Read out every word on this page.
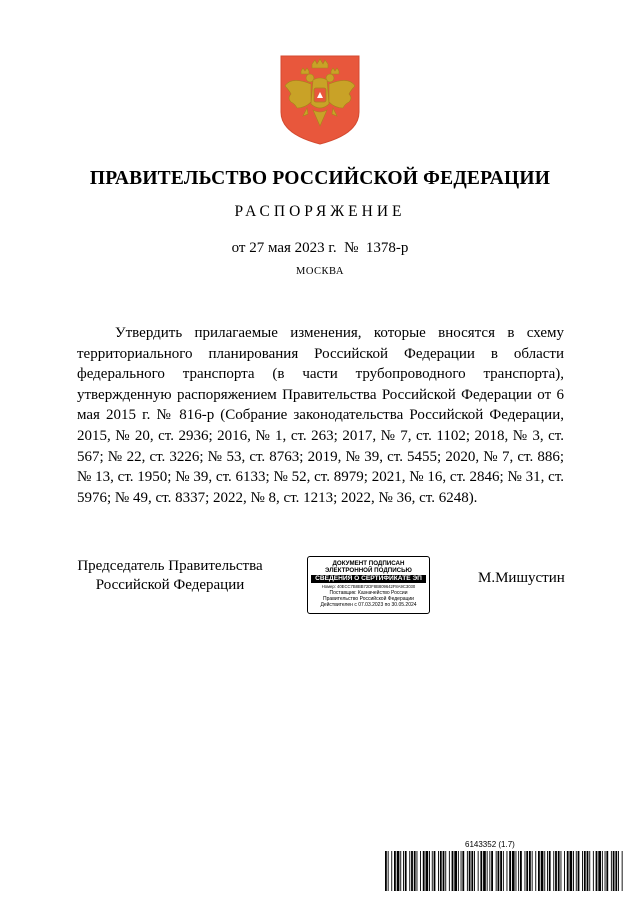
ПРАВИТЕЛЬСТВО РОССИЙСКОЙ ФЕДЕРАЦИИ
РАСПОРЯЖЕНИЕ
от 27 мая 2023 г. № 1378-р
МОСКВА
Утвердить прилагаемые изменения, которые вносятся в схему территориального планирования Российской Федерации в области федерального транспорта (в части трубопроводного транспорта), утвержденную распоряжением Правительства Российской Федерации от 6 мая 2015 г. № 816-р (Собрание законодательства Российской Федерации, 2015, № 20, ст. 2936; 2016, № 1, ст. 263; 2017, № 7, ст. 1102; 2018, № 3, ст. 567; № 22, ст. 3226; № 53, ст. 8763; 2019, № 39, ст. 5455; 2020, № 7, ст. 886; № 13, ст. 1950; № 39, ст. 6133; № 52, ст. 8979; 2021, № 16, ст. 2846; № 31, ст. 5976; № 49, ст. 8337; 2022, № 8, ст. 1213; 2022, № 36, ст. 6248).
Председатель Правительства
Российской Федерации
ДОКУМЕНТ ПОДПИСАН
ЭЛЕКТРОННОЙ ПОДПИСЬЮ
СВЕДЕНИЯ О СЕРТИФИКАТЕ ЭП
Номер: 40ECC7B8BB72DF8B809642F8A9C3030
Поставщик: Казначейство России
Правительство Российской Федерации
Действителен с 07.03.2023 по 30.05.2024
М.Мишустин
6143352 (1.7)
